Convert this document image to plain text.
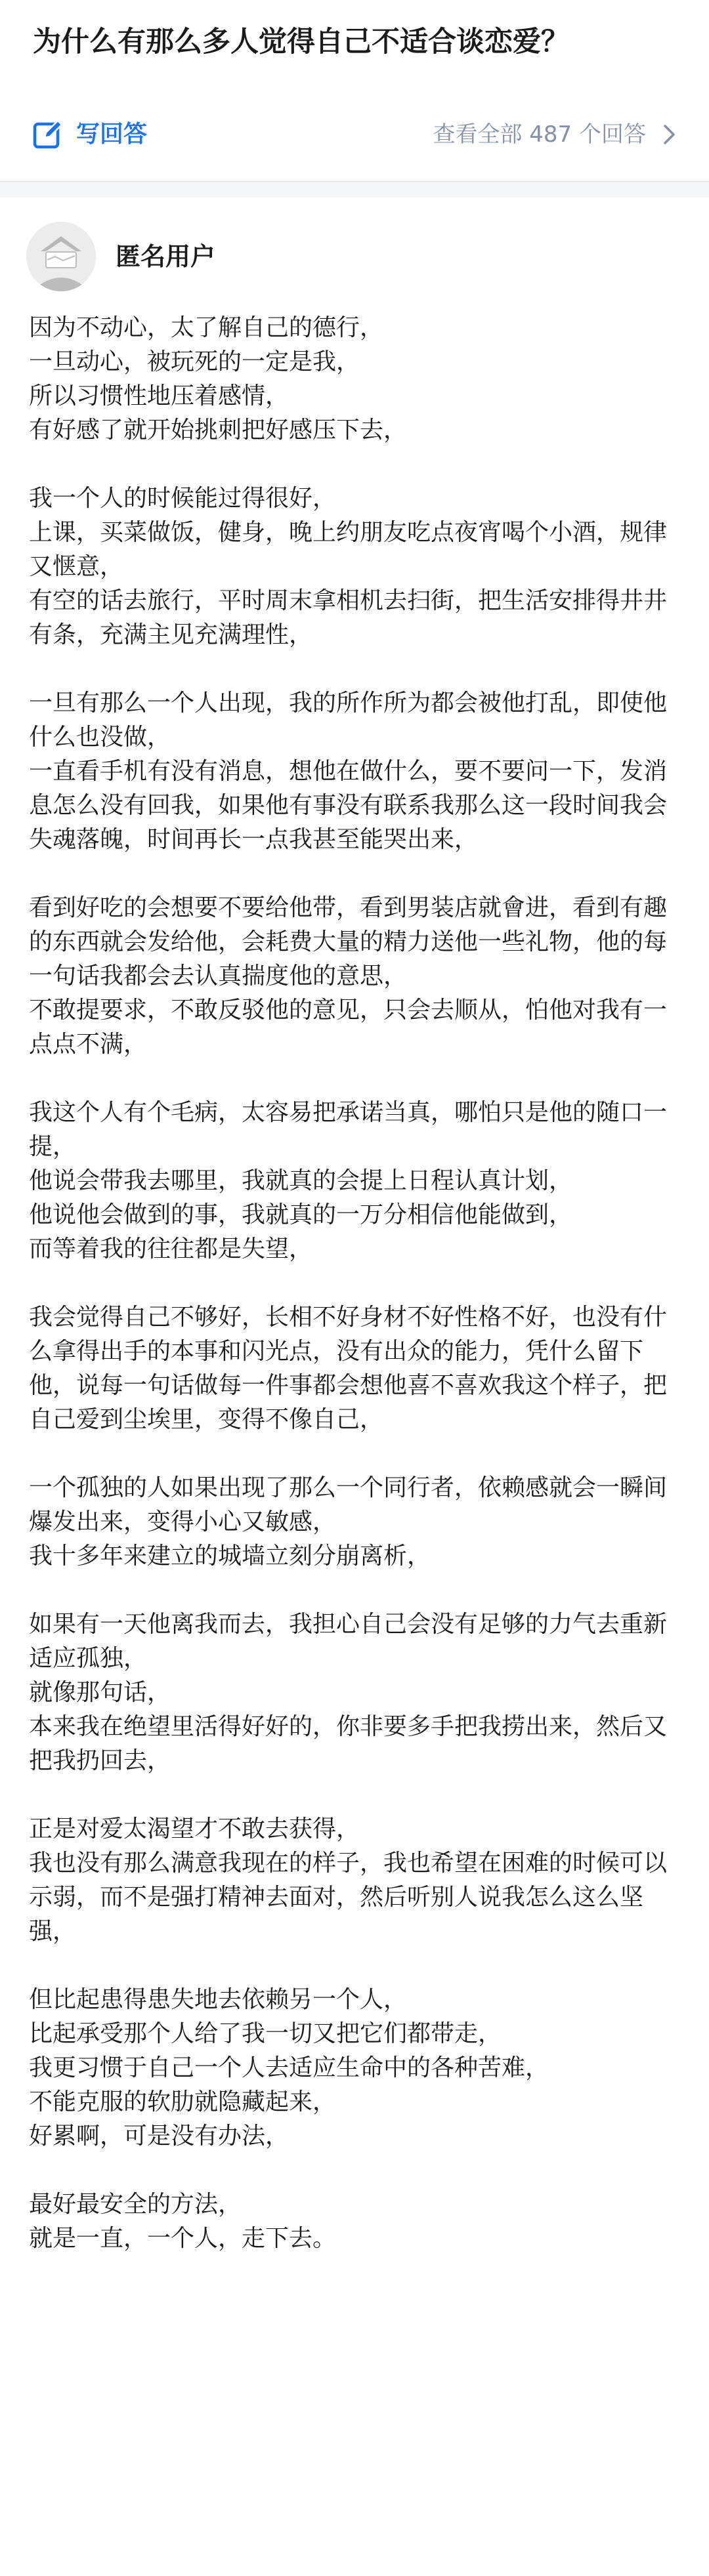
为什么有那么多人觉得自己不适合谈恋爱？
写回答	查看全部 487 个回答
匿名用户

因为不动心，太了解自己的德行，
一旦动心，被玩死的一定是我，
所以习惯性地压着感情，
有好感了就开始挑刺把好感压下去，

我一个人的时候能过得很好，
上课，买菜做饭，健身，晚上约朋友吃点夜宵喝个小酒，规律又惬意，
有空的话去旅行，平时周末拿相机去扫街，把生活安排得井井有条，充满主见充满理性，

一旦有那么一个人出现，我的所作所为都会被他打乱，即使他什么也没做，
一直看手机有没有消息，想他在做什么，要不要问一下，发消息怎么没有回我，如果他有事没有联系我那么这一段时间我会失魂落魄，时间再长一点我甚至能哭出来，

看到好吃的会想要不要给他带，看到男装店就會进，看到有趣的东西就会发给他，会耗费大量的精力送他一些礼物，他的每一句话我都会去认真揣度他的意思，
不敢提要求，不敢反驳他的意见，只会去顺从，怕他对我有一点点不满，

我这个人有个毛病，太容易把承诺当真，哪怕只是他的随口一提，
他说会带我去哪里，我就真的会提上日程认真计划，
他说他会做到的事，我就真的一万分相信他能做到，
而等着我的往往都是失望，

我会觉得自己不够好，长相不好身材不好性格不好，也没有什么拿得出手的本事和闪光点，没有出众的能力，凭什么留下他，说每一句话做每一件事都会想他喜不喜欢我这个样子，把自己爱到尘埃里，变得不像自己，

一个孤独的人如果出现了那么一个同行者，依赖感就会一瞬间爆发出来，变得小心又敏感，
我十多年来建立的城墙立刻分崩离析，

如果有一天他离我而去，我担心自己会没有足够的力气去重新适应孤独，
就像那句话，
本来我在绝望里活得好好的，你非要多手把我捞出来，然后又把我扔回去，

正是对爱太渴望才不敢去获得，
我也没有那么满意我现在的样子，我也希望在困难的时候可以示弱，而不是强打精神去面对，然后听别人说我怎么这么坚强，

但比起患得患失地去依赖另一个人，
比起承受那个人给了我一切又把它们都带走，
我更习惯于自己一个人去适应生命中的各种苦难，
不能克服的软肋就隐藏起来，
好累啊，可是没有办法，

最好最安全的方法，
就是一直，一个人，走下去。
